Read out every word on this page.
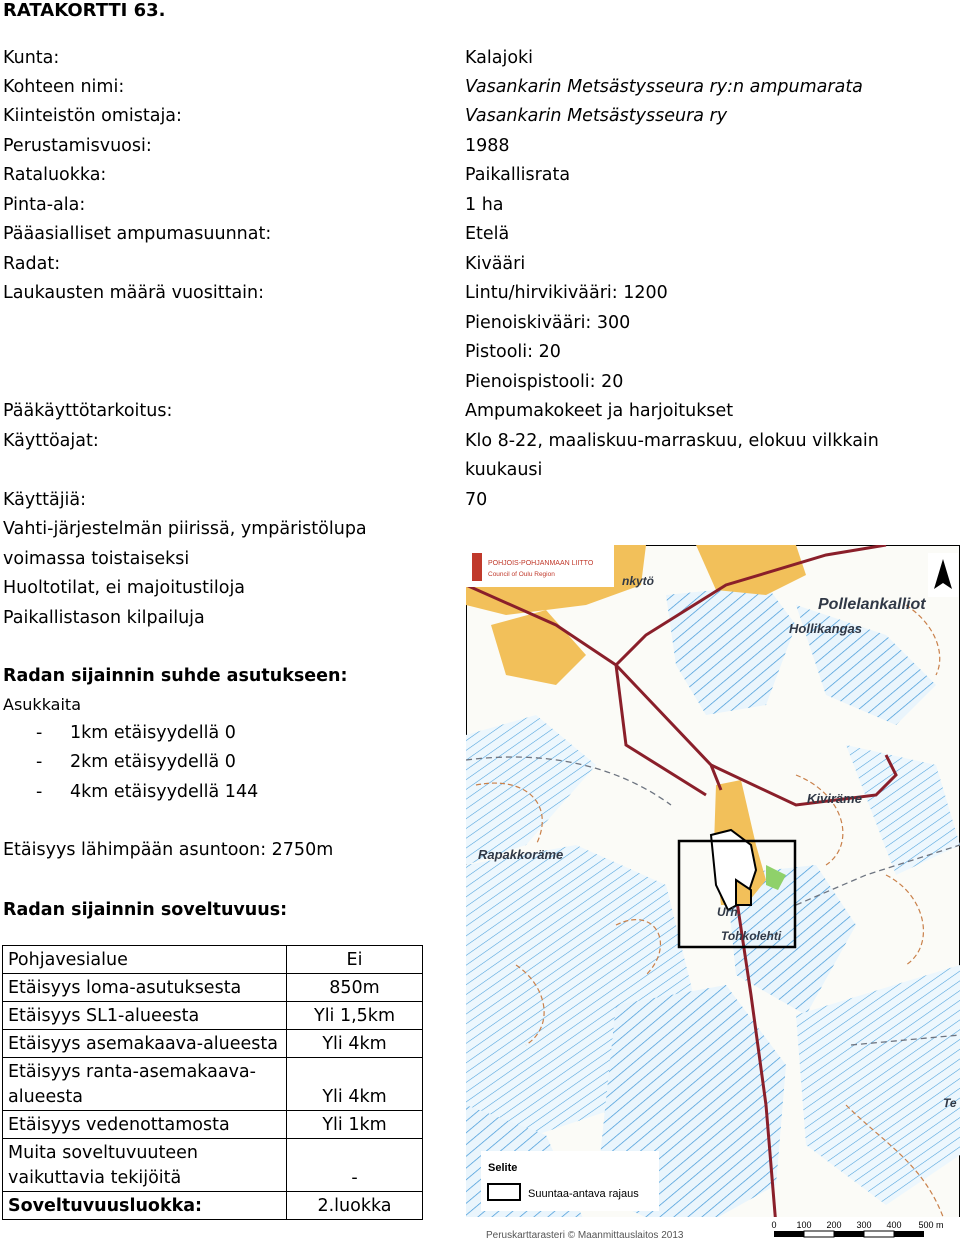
RATAKORTTI 63.
Kunta:	Kalajoki
Kohteen nimi:	Vasankarin Metsästysseura ry:n ampumarata
Kiinteistön omistaja:	Vasankarin Metsästysseura ry
Perustamisvuosi:	1988
Rataluokka:	Paikallisrata
Pinta-ala:	1 ha
Pääasialliset ampumasuunnat:	Etelä
Radat:	Kivääri
Laukausten määrä vuosittain:	Lintu/hirvikivääri: 1200
Pienoiskivääri: 300
Pistooli: 20
Pienoispistooli: 20
Pääkäyttötarkoitus:	Ampumakokeet ja harjoitukset
Käyttöajat:	Klo 8-22, maaliskuu-marraskuu, elokuu vilkkain
kuukausi
Käyttäjiä:	70
Vahti-järjestelmän piirissä, ympäristölupa
voimassa toistaiseksi
Huoltotilat, ei majoitustiloja
Paikallistason kilpailuja
Radan sijainnin suhde asutukseen:
Asukkaita
- 1km etäisyydellä 0
- 2km etäisyydellä 0
- 4km etäisyydellä 144
Etäisyys lähimpään asuntoon: 2750m
Radan sijainnin soveltuvuus:
Pohjavesialue	Ei
Etäisyys loma-asutuksesta	850m
Etäisyys SL1-alueesta	Yli 1,5km
Etäisyys asemakaava-alueesta	Yli 4km

Etäisyys ranta-asemakaava-
alueesta	Yli 4km
Etäisyys vedenottamosta	Yli 1km

Muita soveltuvuuteen
vaikuttavia tekijöitä	-
Soveltuvuusluokka:	2.luokka
POHJOIS-POHJANMAAN LIITTO
Council of Oulu Region
Pollelankalliot
Hollikangas
Kiviräme
Rapakkoräme
Urh.
Tohkolehti
nkytö
Te
Selite
Suuntaa-antava rajaus
Peruskarttarasteri © Maanmittauslaitos 2013
0 100 200 300 400 500 m
